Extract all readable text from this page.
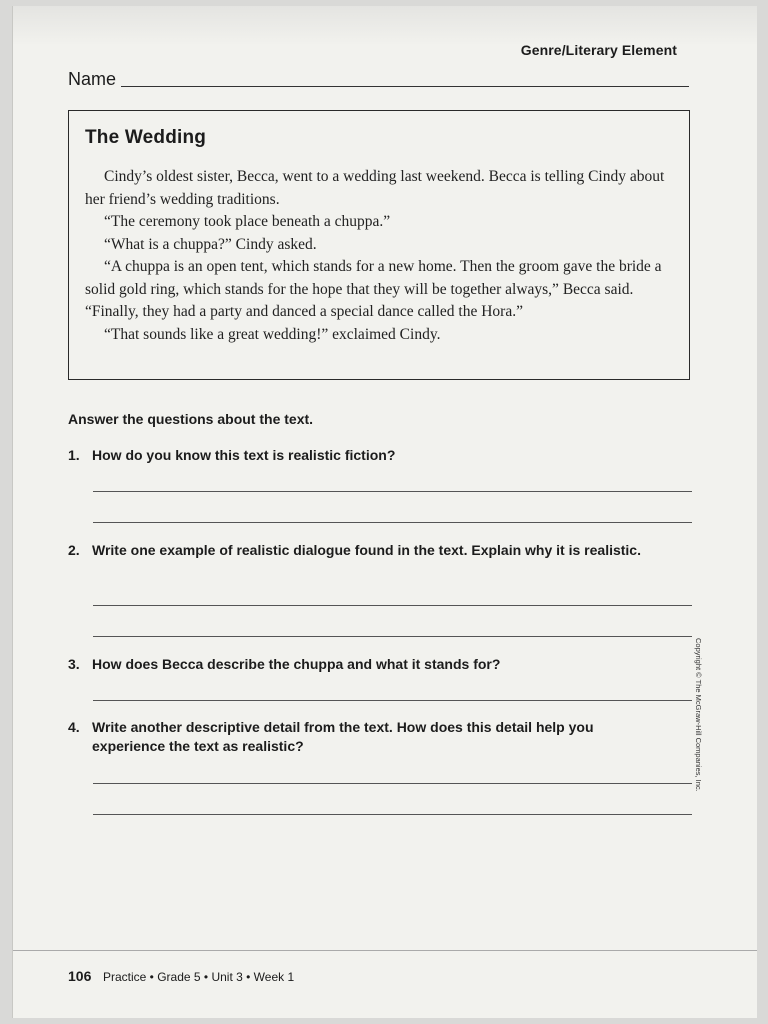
Genre/Literary Element
Name
The Wedding

Cindy’s oldest sister, Becca, went to a wedding last weekend. Becca is telling Cindy about her friend’s wedding traditions.

“The ceremony took place beneath a chuppa.”

“What is a chuppa?” Cindy asked.

“A chuppa is an open tent, which stands for a new home. Then the groom gave the bride a solid gold ring, which stands for the hope that they will be together always,” Becca said. “Finally, they had a party and danced a special dance called the Hora.”

“That sounds like a great wedding!” exclaimed Cindy.

Answer the questions about the text.
1. How do you know this text is realistic fiction?
2. Write one example of realistic dialogue found in the text. Explain why it is realistic.
3. How does Becca describe the chuppa and what it stands for?
4. Write another descriptive detail from the text. How does this detail help you experience the text as realistic?	Copyright © The McGraw-Hill Companies, Inc.
106 Practice • Grade 5 • Unit 3 • Week 1
